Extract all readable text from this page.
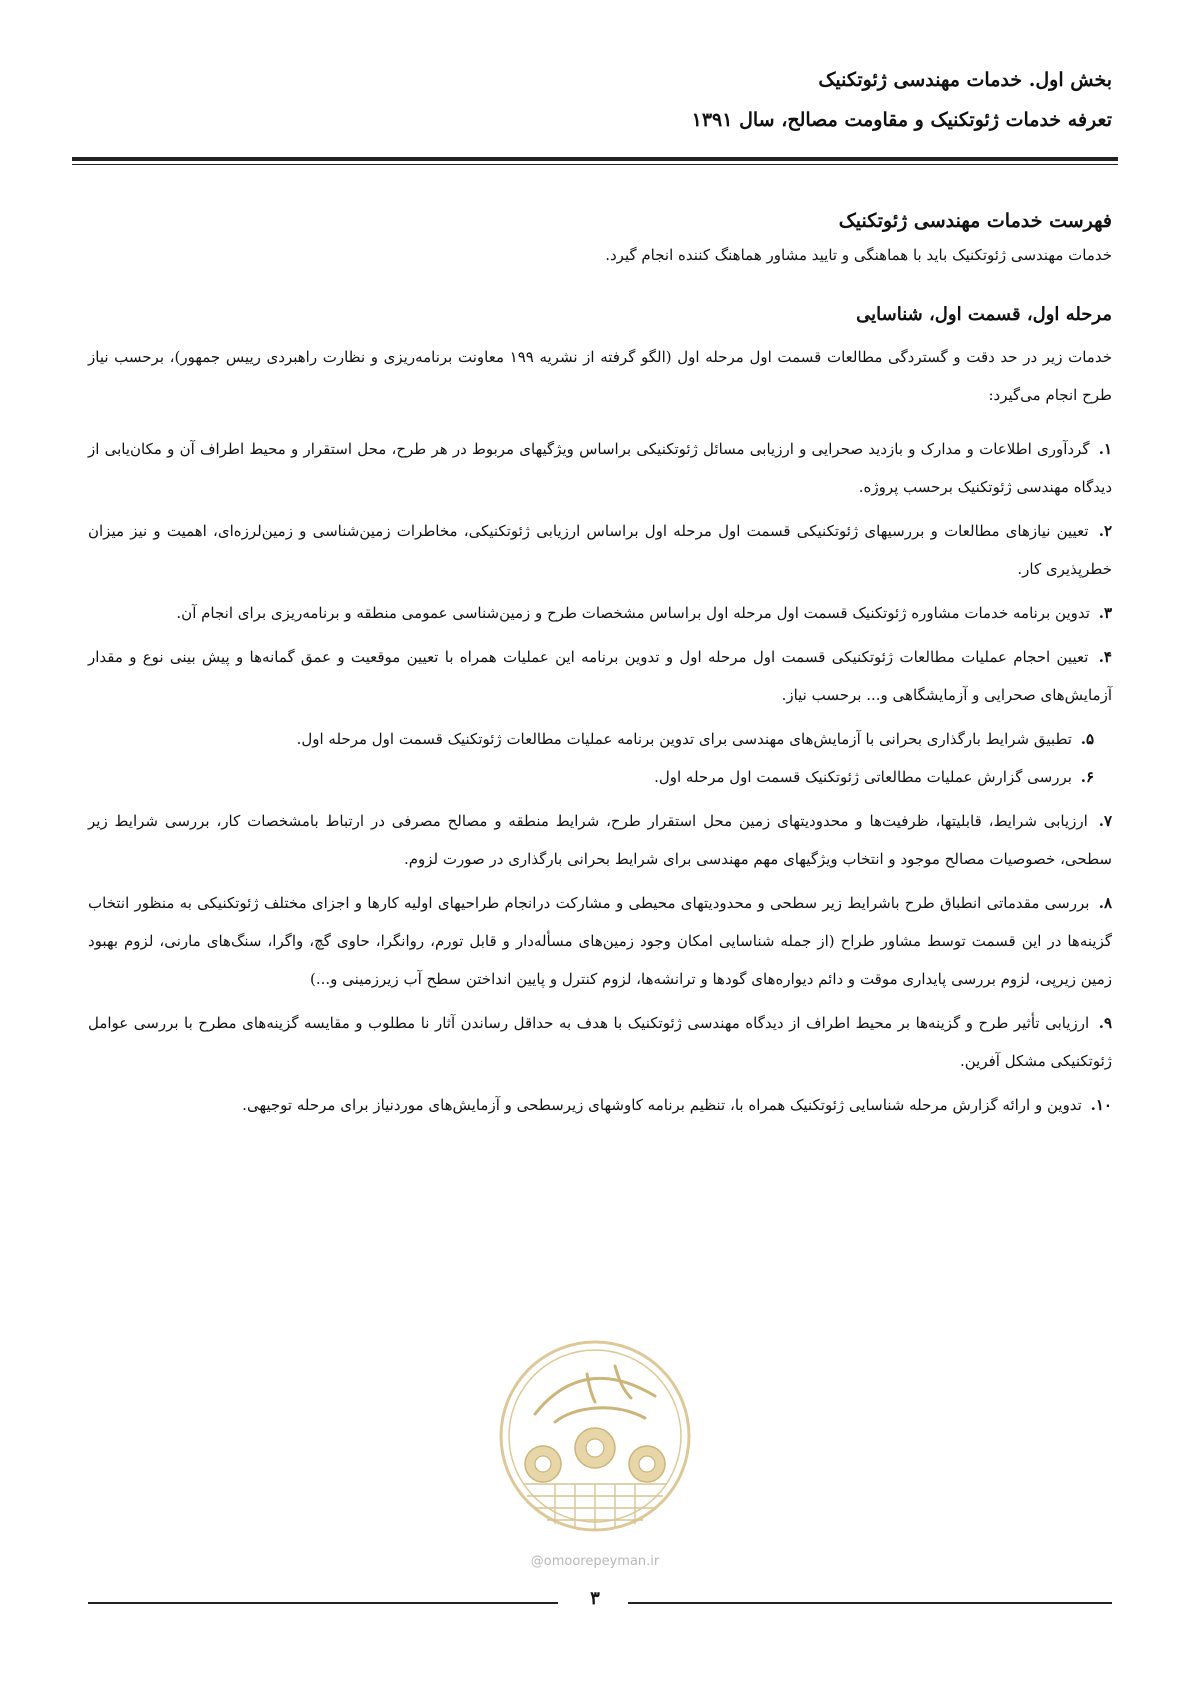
بخش اول. خدمات مهندسی ژئوتکنیک
تعرفه خدمات ژئوتکنیک و مقاومت مصالح، سال ۱۳۹۱
فهرست خدمات مهندسی ژئوتکنیک

خدمات مهندسی ژئوتکنیک باید با هماهنگی و تایید مشاور هماهنگ کننده انجام گیرد.

مرحله اول، قسمت اول، شناسایی

خدمات زیر در حد دقت و گستردگی مطالعات قسمت اول مرحله اول (الگو گرفته از نشریه ۱۹۹ معاونت برنامه‌ریزی و نظارت راهبردی رییس جمهور)، برحسب نیاز طرح انجام می‌گیرد:

۱. گردآوری اطلاعات و مدارک و بازدید صحرایی و ارزیابی مسائل ژئوتکنیکی براساس ویژگیهای مربوط در هر طرح، محل استقرار و محیط اطراف آن و مکان‌یابی از دیدگاه مهندسی ژئوتکنیک برحسب پروژه.
۲. تعیین نیازهای مطالعات و بررسیهای ژئوتکنیکی قسمت اول مرحله اول براساس ارزیابی ژئوتکنیکی، مخاطرات زمین‌شناسی و زمین‌لرزه‌ای، اهمیت و نیز میزان خطرپذیری کار.
۳. تدوین برنامه خدمات مشاوره ژئوتکنیک قسمت اول مرحله اول براساس مشخصات طرح و زمین‌شناسی عمومی منطقه و برنامه‌ریزی برای انجام آن.
۴. تعیین احجام عملیات مطالعات ژئوتکنیکی قسمت اول مرحله اول و تدوین برنامه این عملیات همراه با تعیین موقعیت و عمق گمانه‌ها و پیش بینی نوع و مقدار آزمایش‌های صحرایی و آزمایشگاهی و... برحسب نیاز.
۵. تطبیق شرایط بارگذاری بحرانی با آزمایش‌های مهندسی برای تدوین برنامه عملیات مطالعات ژئوتکنیک قسمت اول مرحله اول.
۶. بررسی گزارش عملیات مطالعاتی ژئوتکنیک قسمت اول مرحله اول.
۷. ارزیابی شرایط، قابلیتها، ظرفیت‌ها و محدودیتهای زمین محل استقرار طرح، شرایط منطقه و مصالح مصرفی در ارتباط بامشخصات کار، بررسی شرایط زیر سطحی، خصوصیات مصالح موجود و انتخاب ویژگیهای مهم مهندسی برای شرایط بحرانی بارگذاری در صورت لزوم.
۸. بررسی مقدماتی انطباق طرح باشرایط زیر سطحی و محدودیتهای محیطی و مشارکت درانجام طراحیهای اولیه کارها و اجزای مختلف ژئوتکنیکی به منظور انتخاب گزینه‌ها در این قسمت توسط مشاور طراح (از جمله شناسایی امکان وجود زمین‌های مسأله‌دار و قابل تورم، روانگرا، حاوی گچ، واگرا، سنگ‌های مارنی، لزوم بهبود زمین زیرپی، لزوم بررسی پایداری موقت و دائم دیواره‌های گودها و ترانشه‌ها، لزوم کنترل و پایین انداختن سطح آب زیرزمینی و...)
۹. ارزیابی تأثیر طرح و گزینه‌ها بر محیط اطراف از دیدگاه مهندسی ژئوتکنیک با هدف به حداقل رساندن آثار نا مطلوب و مقایسه گزینه‌های مطرح با بررسی عوامل ژئوتکنیکی مشکل آفرین.
۱۰. تدوین و ارائه گزارش مرحله شناسایی ژئوتکنیک همراه با، تنظیم برنامه کاوشهای زیرسطحی و آزمایش‌های موردنیاز برای مرحله توجیهی.
@omoorepeyman.ir
۳
